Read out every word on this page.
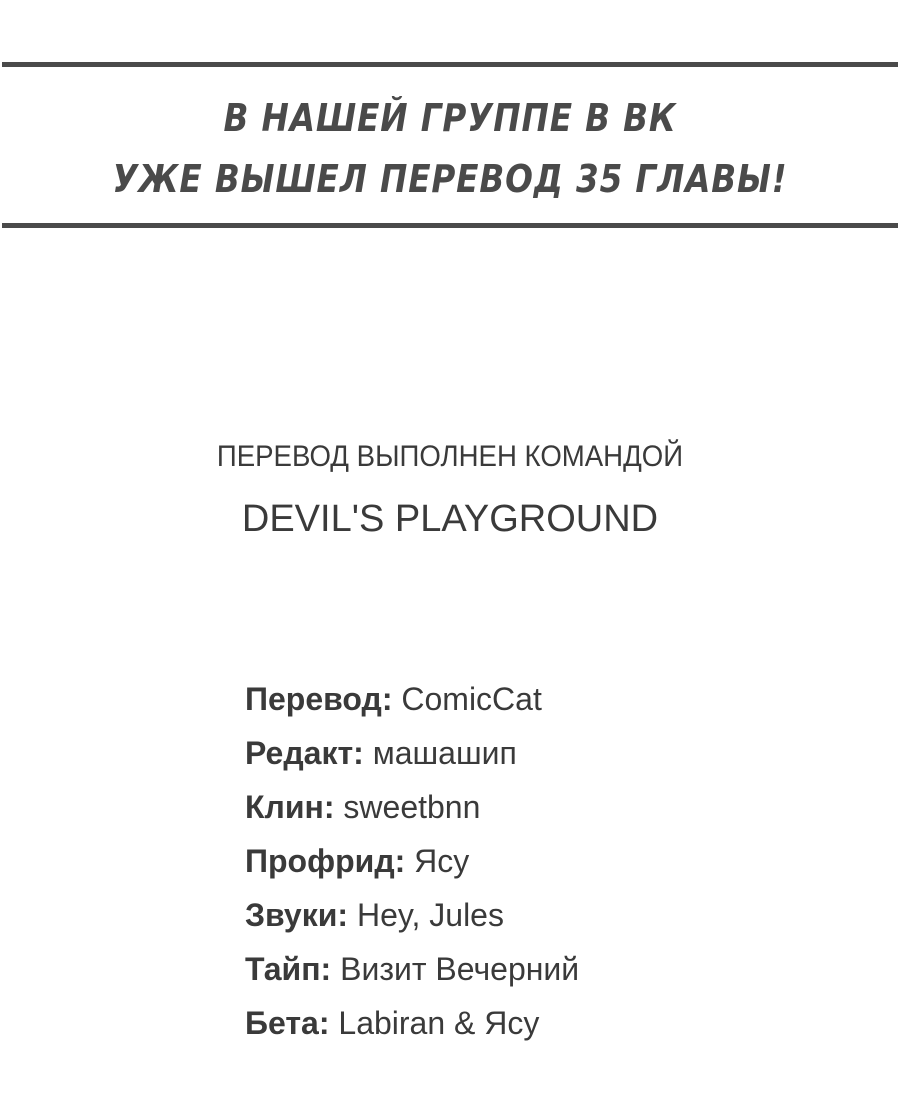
В НАШЕЙ ГРУППЕ В ВК

УЖЕ ВЫШЕЛ ПЕРЕВОД 35 ГЛАВЫ!

ПЕРЕВОД ВЫПОЛНЕН КОМАНДОЙ
DEVIL'S PLAYGROUND
Перевод: ComicCat
Редакт: машашип
Клин: sweetbnn
Профрид: Ясу
Звуки: Hey, Jules
Тайп: Визит Вечерний
Бета: Labiran & Ясу
